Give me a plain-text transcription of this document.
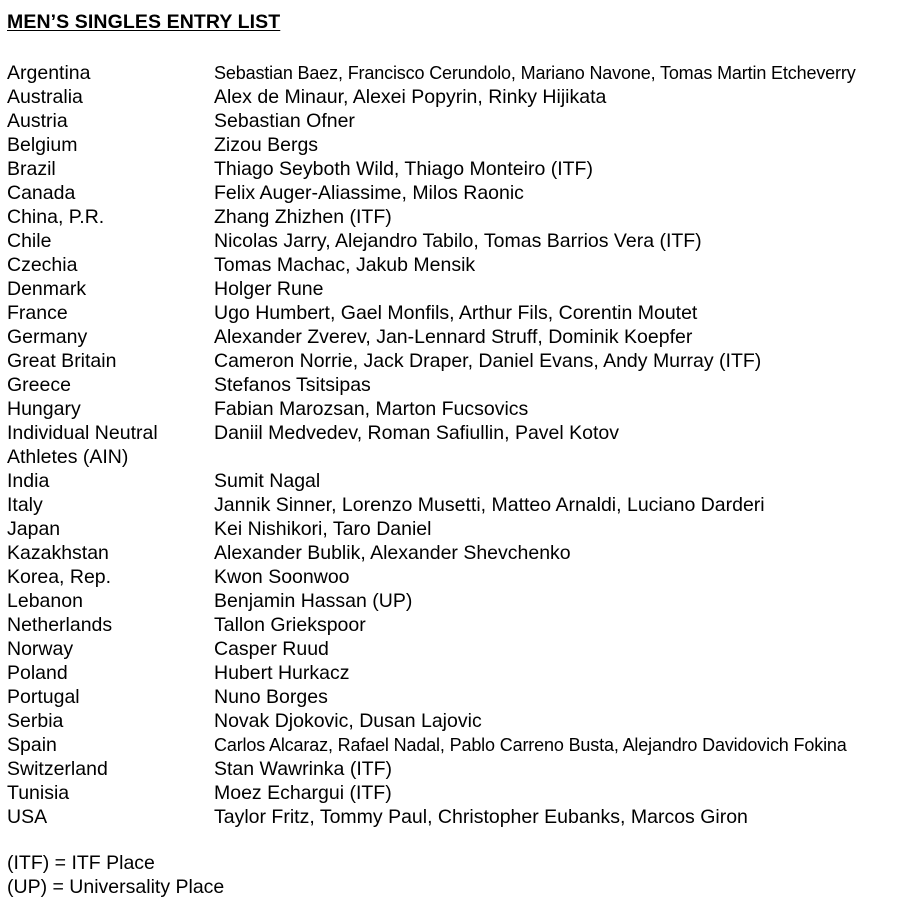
MEN’S SINGLES ENTRY LIST
Argentina	Sebastian Baez, Francisco Cerundolo, Mariano Navone, Tomas Martin Etcheverry
Australia	Alex de Minaur, Alexei Popyrin, Rinky Hijikata
Austria	Sebastian Ofner
Belgium	Zizou Bergs
Brazil	Thiago Seyboth Wild, Thiago Monteiro (ITF)
Canada	Felix Auger-Aliassime, Milos Raonic
China, P.R.	Zhang Zhizhen (ITF)
Chile	Nicolas Jarry, Alejandro Tabilo, Tomas Barrios Vera (ITF)
Czechia	Tomas Machac, Jakub Mensik
Denmark	Holger Rune
France	Ugo Humbert, Gael Monfils, Arthur Fils, Corentin Moutet
Germany	Alexander Zverev, Jan-Lennard Struff, Dominik Koepfer
Great Britain	Cameron Norrie, Jack Draper, Daniel Evans, Andy Murray (ITF)
Greece	Stefanos Tsitsipas
Hungary	Fabian Marozsan, Marton Fucsovics
Individual Neutral	Daniil Medvedev, Roman Safiullin, Pavel Kotov
Athletes (AIN)
India	Sumit Nagal
Italy	Jannik Sinner, Lorenzo Musetti, Matteo Arnaldi, Luciano Darderi
Japan	Kei Nishikori, Taro Daniel
Kazakhstan	Alexander Bublik, Alexander Shevchenko
Korea, Rep.	Kwon Soonwoo
Lebanon	Benjamin Hassan (UP)
Netherlands	Tallon Griekspoor
Norway	Casper Ruud
Poland	Hubert Hurkacz
Portugal	Nuno Borges
Serbia	Novak Djokovic, Dusan Lajovic
Spain	Carlos Alcaraz, Rafael Nadal, Pablo Carreno Busta, Alejandro Davidovich Fokina
Switzerland	Stan Wawrinka (ITF)
Tunisia	Moez Echargui (ITF)
USA	Taylor Fritz, Tommy Paul, Christopher Eubanks, Marcos Giron
(ITF) = ITF Place
(UP) = Universality Place
